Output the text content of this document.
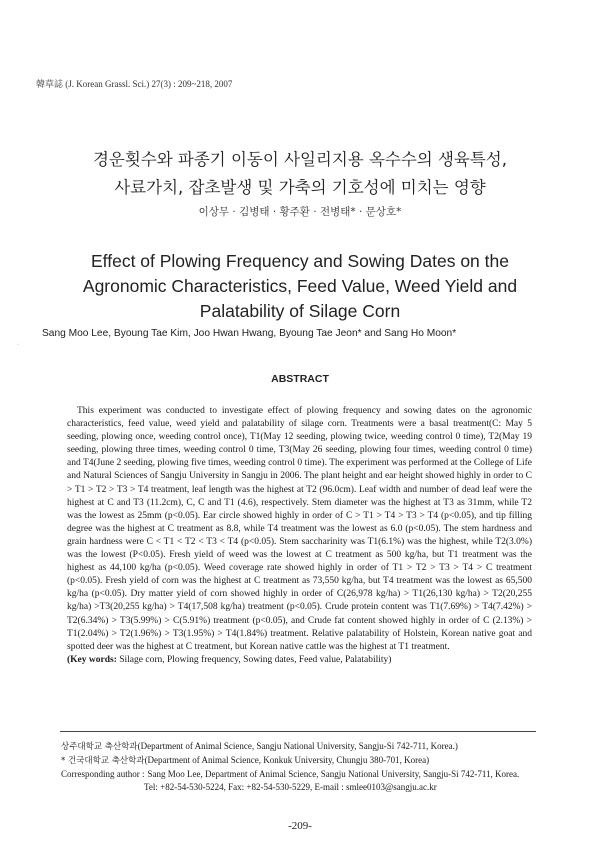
韓草誌 (J. Korean Grassl. Sci.) 27(3) : 209~218, 2007
경운횟수와 파종기 이동이 사일리지용 옥수수의 생육특성,
사료가치, 잡초발생 및 가축의 기호성에 미치는 영향
이상무 · 김병태 · 황주환 · 전병태* · 문상호*
Effect of Plowing Frequency and Sowing Dates on the
Agronomic Characteristics, Feed Value, Weed Yield and
Palatability of Silage Corn
·
Sang Moo Lee, Byoung Tae Kim, Joo Hwan Hwang, Byoung Tae Jeon* and Sang Ho Moon*
ABSTRACT

This experiment was conducted to investigate effect of plowing frequency and sowing dates on the agronomic characteristics, feed value, weed yield and palatability of silage corn. Treatments were a basal treatment(C: May 5 seeding, plowing once, weeding control once), T1(May 12 seeding, plowing twice, weeding control 0 time), T2(May 19 seeding, plowing three times, weeding control 0 time, T3(May 26 seeding, plowing four times, weeding control 0 time) and T4(June 2 seeding, plowing five times, weeding control 0 time). The experiment was performed at the College of Life and Natural Sciences of Sangju University in Sangju in 2006. The plant height and ear height showed highly in order to C > T1 > T2 > T3 > T4 treatment, leaf length was the highest at T2 (96.0cm). Leaf width and number of dead leaf were the highest at C and T3 (11.2cm), C, C and T1 (4.6), respectively. Stem diameter was the highest at T3 as 31mm, while T2 was the lowest as 25mm (p<0.05). Ear circle showed highly in order of C > T1 > T4 > T3 > T4 (p<0.05), and tip filling degree was the highest at C treatment as 8.8, while T4 treatment was the lowest as 6.0 (p<0.05). The stem hardness and grain hardness were C < T1 < T2 < T3 < T4 (p<0.05). Stem saccharinity was T1(6.1%) was the highest, while T2(3.0%) was the lowest (P<0.05). Fresh yield of weed was the lowest at C treatment as 500 kg/ha, but T1 treatment was the highest as 44,100 kg/ha (p<0.05). Weed coverage rate showed highly in order of T1 > T2 > T3 > T4 > C treatment (p<0.05). Fresh yield of corn was the highest at C treatment as 73,550 kg/ha, but T4 treatment was the lowest as 65,500 kg/ha (p<0.05). Dry matter yield of corn showed highly in order of C(26,978 kg/ha) > T1(26,130 kg/ha) > T2(20,255 kg/ha) >T3(20,255 kg/ha) > T4(17,508 kg/ha) treatment (p<0.05). Crude protein content was T1(7.69%) > T4(7.42%) > T2(6.34%) > T3(5.99%) > C(5.91%) treatment (p<0.05), and Crude fat content showed highly in order of C (2.13%) > T1(2.04%) > T2(1.96%) > T3(1.95%) > T4(1.84%) treatment. Relative palatability of Holstein, Korean native goat and spotted deer was the highest at C treatment, but Korean native cattle was the highest at T1 treatment.

(Key words: Silage corn, Plowing frequency, Sowing dates, Feed value, Palatability)

상주대학교 축산학과(Department of Animal Science, Sangju National University, Sangju-Si 742-711, Korea.)
* 건국대학교 축산학과(Department of Animal Science, Konkuk University, Chungju 380-701, Korea)
Corresponding author : Sang Moo Lee, Department of Animal Science, Sangju National University, Sangju-Si 742-711, Korea.
Tel: +82-54-530-5224, Fax: +82-54-530-5229, E-mail : smlee0103@sangju.ac.kr
-209-
